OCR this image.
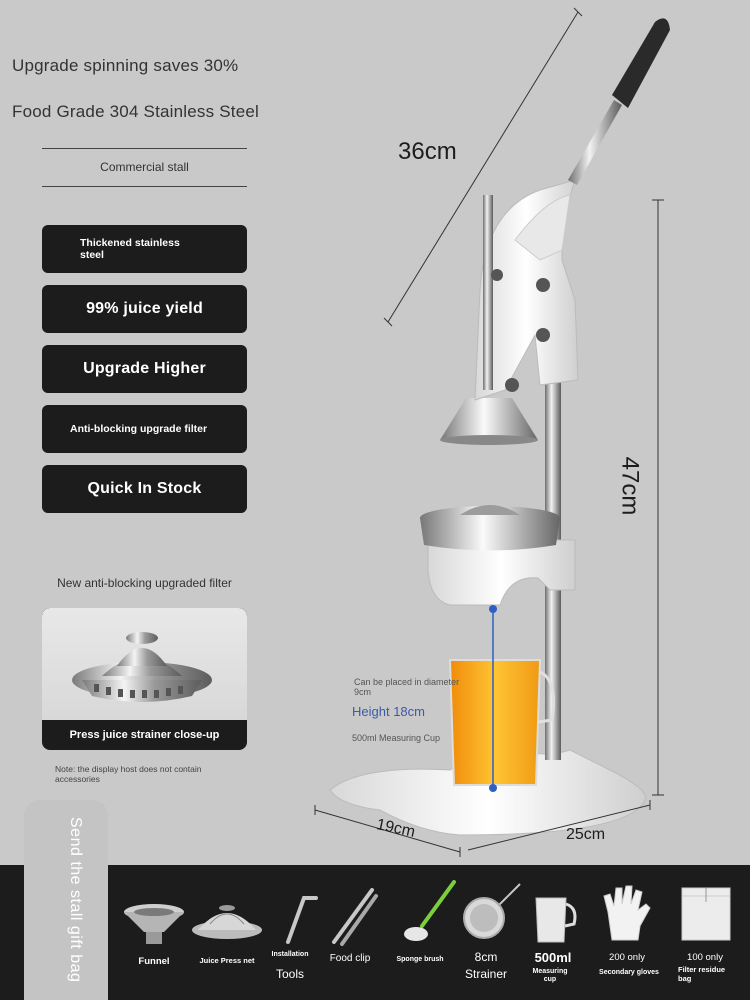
Upgrade spinning saves 30%
Food Grade 304 Stainless Steel
Commercial stall
Thickened stainless steel
99% juice yield
Upgrade Higher
Anti-blocking upgrade filter
Quick In Stock
New anti-blocking upgraded filter
Press juice strainer close-up
Note: the display host does not contain accessories
36cm
47cm
19cm	25cm
Can be placed in diameter 9cm
Height 18cm
500ml Measuring Cup
Send the stall gift bag	Funnel	Juice Press net
Installation
Tools
Food clip	Sponge brush	8cm
Strainer
500ml
Measuring cup
200 only
Secondary gloves
100 only
Filter residue bag
